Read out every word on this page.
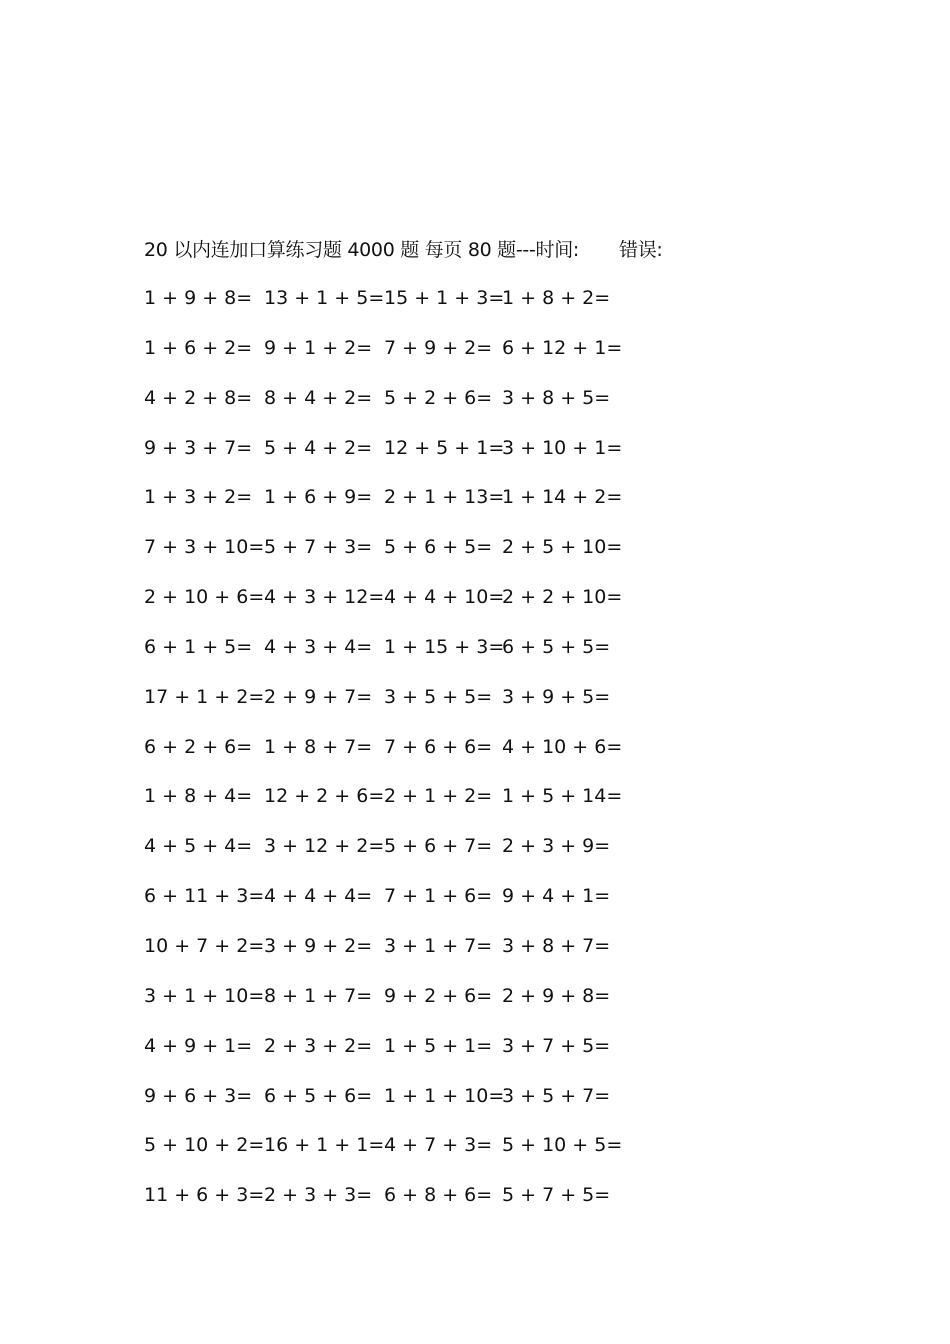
20 以内连加口算练习题 4000 题 每页 80 题---时间: 错误:
1 + 9 + 8= 13 + 1 + 5= 15 + 1 + 3=
1 + 8 + 2=
1 + 6 + 2= 9 + 1 + 2= 7 + 9 + 2= 6 + 12 + 1=
4 + 2 + 8= 8 + 4 + 2= 5 + 2 + 6= 3 + 8 + 5=
9 + 3 + 7= 5 + 4 + 2= 12 + 5 + 1=
3 + 10 + 1=
1 + 3 + 2= 1 + 6 + 9= 2 + 1 + 13=
1 + 14 + 2=
7 + 3 + 10= 5 + 7 + 3= 5 + 6 + 5= 2 + 5 + 10=
2 + 10 + 6= 4 + 3 + 12= 4 + 4 + 10=
2 + 2 + 10=
6 + 1 + 5= 4 + 3 + 4= 1 + 15 + 3=
6 + 5 + 5=
17 + 1 + 2= 2 + 9 + 7= 3 + 5 + 5= 3 + 9 + 5=
6 + 2 + 6= 1 + 8 + 7= 7 + 6 + 6= 4 + 10 + 6=
1 + 8 + 4= 12 + 2 + 6= 2 + 1 + 2= 1 + 5 + 14=
4 + 5 + 4= 3 + 12 + 2= 5 + 6 + 7= 2 + 3 + 9=
6 + 11 + 3= 4 + 4 + 4= 7 + 1 + 6= 9 + 4 + 1=
10 + 7 + 2= 3 + 9 + 2= 3 + 1 + 7= 3 + 8 + 7=
3 + 1 + 10= 8 + 1 + 7= 9 + 2 + 6= 2 + 9 + 8=
4 + 9 + 1= 2 + 3 + 2= 1 + 5 + 1= 3 + 7 + 5=
9 + 6 + 3= 6 + 5 + 6= 1 + 1 + 10=
3 + 5 + 7=
5 + 10 + 2= 16 + 1 + 1= 4 + 7 + 3= 5 + 10 + 5=
11 + 6 + 3= 2 + 3 + 3= 6 + 8 + 6= 5 + 7 + 5=
